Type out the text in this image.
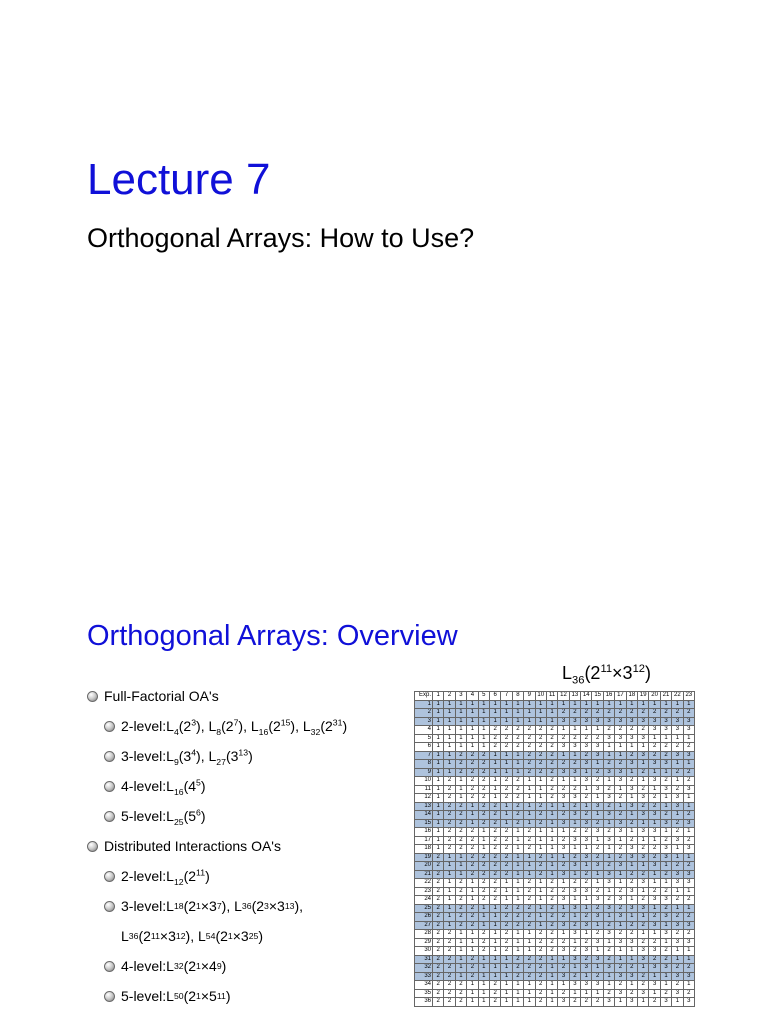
Lecture 7
Orthogonal Arrays: How to Use?
Orthogonal Arrays: Overview
$L_{36}(2^{11}\times 3^{12})$
Full-Factorial OA's
2-level: $L_4(2^3)$, $L_8(2^7)$, $L_{16}(2^{15})$, $L_{32}(2^{31})$
3-level: $L_9(3^4)$, $L_{27}(3^{13})$
4-level: $L_{16}(4^5)$
5-level: $L_{25}(5^6)$
Distributed Interactions OA's
2-level: $L_{12}(2^{11})$
3-level: L 18 (2 1 ×3 7 ) , L 36 (2 3 ×3 13 ),
L 36 (2 11 ×3 12 ) , L 54 (2 1 ×3 25 )
4-level: L 32 (2 1 ×4 9 )
5-level: L 50 (2 1 ×5 11 )
Exp.	1	2	3	4	5	6	7	8	9	10	11	12	13	14	15	16	17	18	19	20	21	22	23
1	1	1	1	1	1	1	1	1	1	1	1	1	1	1	1	1	1	1	1	1	1	1	1
2	1	1	1	1	1	1	1	1	1	1	1	2	2	2	2	2	2	2	2	2	2	2	2
3	1	1	1	1	1	1	1	1	1	1	1	3	3	3	3	3	3	3	3	3	3	3	3
4	1	1	1	1	1	2	2	2	2	2	2	1	1	1	1	2	2	2	2	3	3	3	3
5	1	1	1	1	1	2	2	2	2	2	2	2	2	2	2	3	3	3	3	1	1	1	1
6	1	1	1	1	1	2	2	2	2	2	2	3	3	3	3	1	1	1	1	2	2	2	2
7	1	1	2	2	2	1	1	1	2	2	2	1	1	2	3	1	1	2	3	2	2	3	3
8	1	1	2	2	2	1	1	1	2	2	2	2	2	3	1	2	2	3	1	3	3	1	1
9	1	1	2	2	2	1	1	1	2	2	2	3	3	1	2	3	3	1	2	1	1	2	2
10	1	2	1	2	2	1	2	2	1	1	2	1	1	3	2	1	3	2	1	3	2	1	2
11	1	2	1	2	2	1	2	2	1	1	2	2	2	1	3	2	1	3	2	1	3	2	3
12	1	2	1	2	2	1	2	2	1	1	2	3	3	2	1	3	2	1	3	2	1	3	1
13	1	2	2	1	2	2	1	2	1	2	1	1	2	1	3	2	1	3	2	2	1	3	1
14	1	2	2	1	2	2	1	2	1	2	1	2	3	2	1	3	2	1	3	3	2	1	2
15	1	2	2	1	2	2	1	2	1	2	1	3	1	3	2	1	3	2	1	1	3	2	3
16	1	2	2	2	1	2	2	1	2	1	1	1	2	2	3	2	3	1	3	3	1	2	1
17	1	2	2	2	1	2	2	1	2	1	1	2	3	3	1	3	1	2	1	1	2	3	2
18	1	2	2	2	1	2	2	1	2	1	1	3	1	1	2	1	2	3	2	2	3	1	3
19	2	1	1	2	2	2	2	1	1	2	1	1	2	3	2	1	2	3	3	2	3	1	1
20	2	1	1	2	2	2	2	1	1	2	1	2	3	1	3	2	3	1	1	3	1	2	2
21	2	1	1	2	2	2	2	1	1	2	1	3	1	2	1	3	1	2	2	1	2	3	3
22	2	1	2	1	2	2	1	1	2	1	2	1	2	2	1	3	1	2	3	1	1	3	3
23	2	1	2	1	2	2	1	1	2	1	2	2	3	3	2	1	2	3	1	2	2	1	1
24	2	1	2	1	2	2	1	1	2	1	2	3	1	1	3	2	3	1	2	3	3	2	2
25	2	1	2	2	1	1	2	2	2	1	2	1	3	1	2	3	2	3	3	1	2	1	1
26	2	1	2	2	1	1	2	2	2	1	2	2	1	2	3	1	3	1	1	2	3	2	2
27	2	1	2	2	1	1	2	2	2	1	2	3	2	3	1	2	1	2	2	3	1	3	3
28	2	2	1	1	2	1	2	1	1	2	2	1	3	1	2	3	2	2	1	1	3	2	2
29	2	2	1	1	2	1	2	1	1	2	2	2	1	2	3	1	3	3	2	2	1	3	3
30	2	2	1	1	2	1	2	1	1	2	2	3	2	3	1	2	1	1	3	3	2	1	1
31	2	2	1	2	1	1	1	2	2	2	1	1	3	2	3	2	1	1	3	2	2	1	1
32	2	2	1	2	1	1	1	2	2	2	1	2	1	3	1	3	2	2	1	3	3	2	2
33	2	2	1	2	1	1	1	2	2	2	1	3	2	1	2	1	3	3	2	1	1	3	3
34	2	2	2	1	1	2	1	1	1	2	1	1	3	3	3	1	2	1	2	3	1	2	1
35	2	2	2	1	1	2	1	1	1	2	1	2	1	1	1	2	3	2	3	1	2	3	2
36	2	2	2	1	1	2	1	1	1	2	1	3	2	2	2	3	1	3	1	2	3	1	3
